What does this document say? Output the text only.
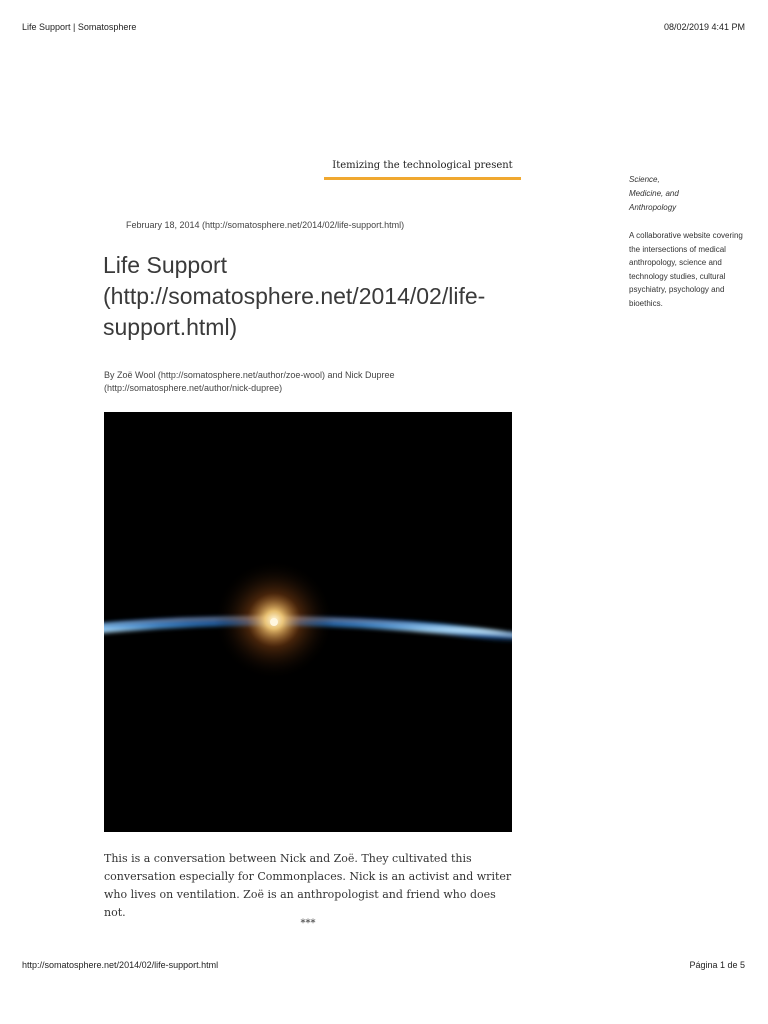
Life Support | Somatosphere	08/02/2019 4:41 PM
Itemizing the technological present
February 18, 2014 (http://somatosphere.net/2014/02/life-support.html)
Life Support (http://somatosphere.net/2014/02/life-support.html)
By Zoë Wool (http://somatosphere.net/author/zoe-wool) and Nick Dupree (http://somatosphere.net/author/nick-dupree)

This is a conversation between Nick and Zoë. They cultivated this conversation especially for Commonplaces. Nick is an activist and writer who lives on ventilation. Zoë is an anthropologist and friend who does not.

***
Science,
Medicine, and
Anthropology
A collaborative website covering the intersections of medical anthropology, science and technology studies, cultural psychiatry, psychology and bioethics.
http://somatosphere.net/2014/02/life-support.html	Página 1 de 5
